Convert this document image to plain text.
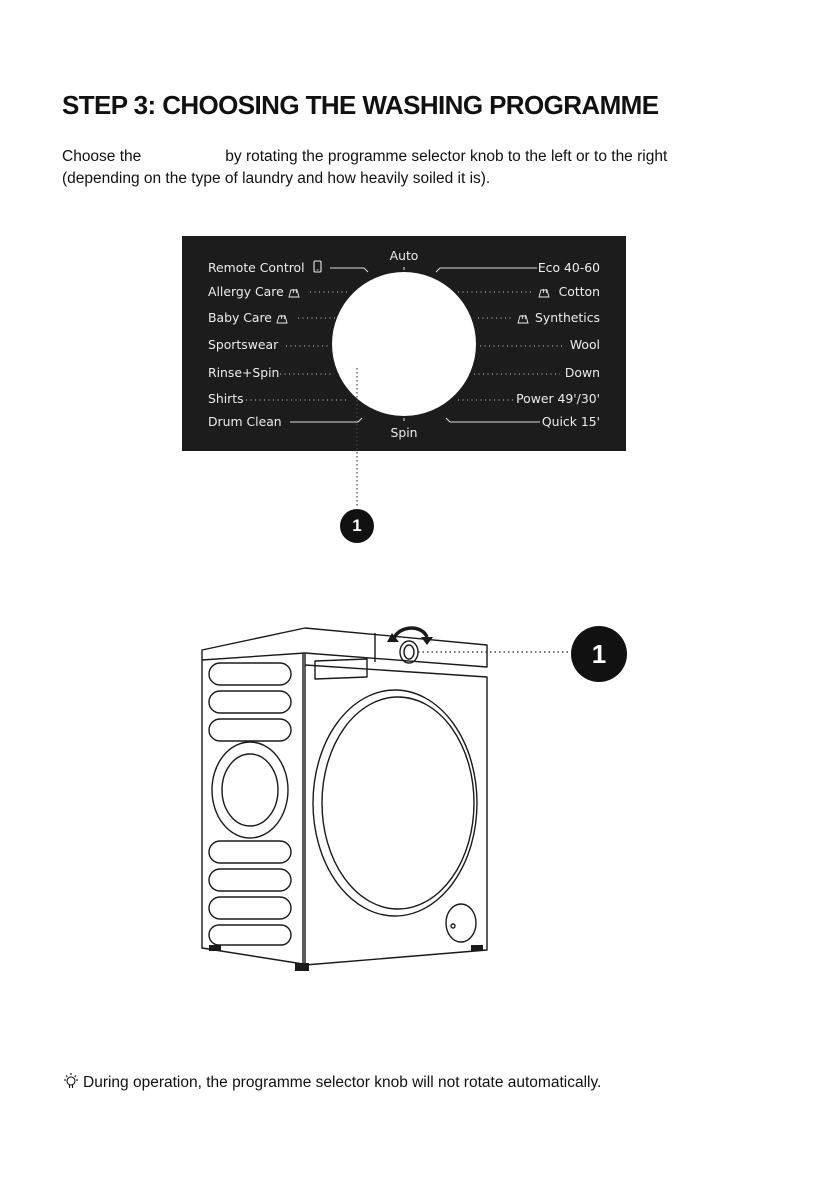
STEP 3: CHOOSING THE WASHING PROGRAMME
Choose the	by rotating the programme selector knob to the left or to the right
(depending on the type of laundry and how heavily soiled it is).
Remote Control
Allergy Care
Baby Care
Sportswear
Rinse+Spin
Shirts
Drum Clean
Eco 40-60
Cotton
Synthetics
Wool
Down
Power 49'/30'
Quick 15'
Auto
Spin
1
1
During operation, the programme selector knob will not rotate automatically.
